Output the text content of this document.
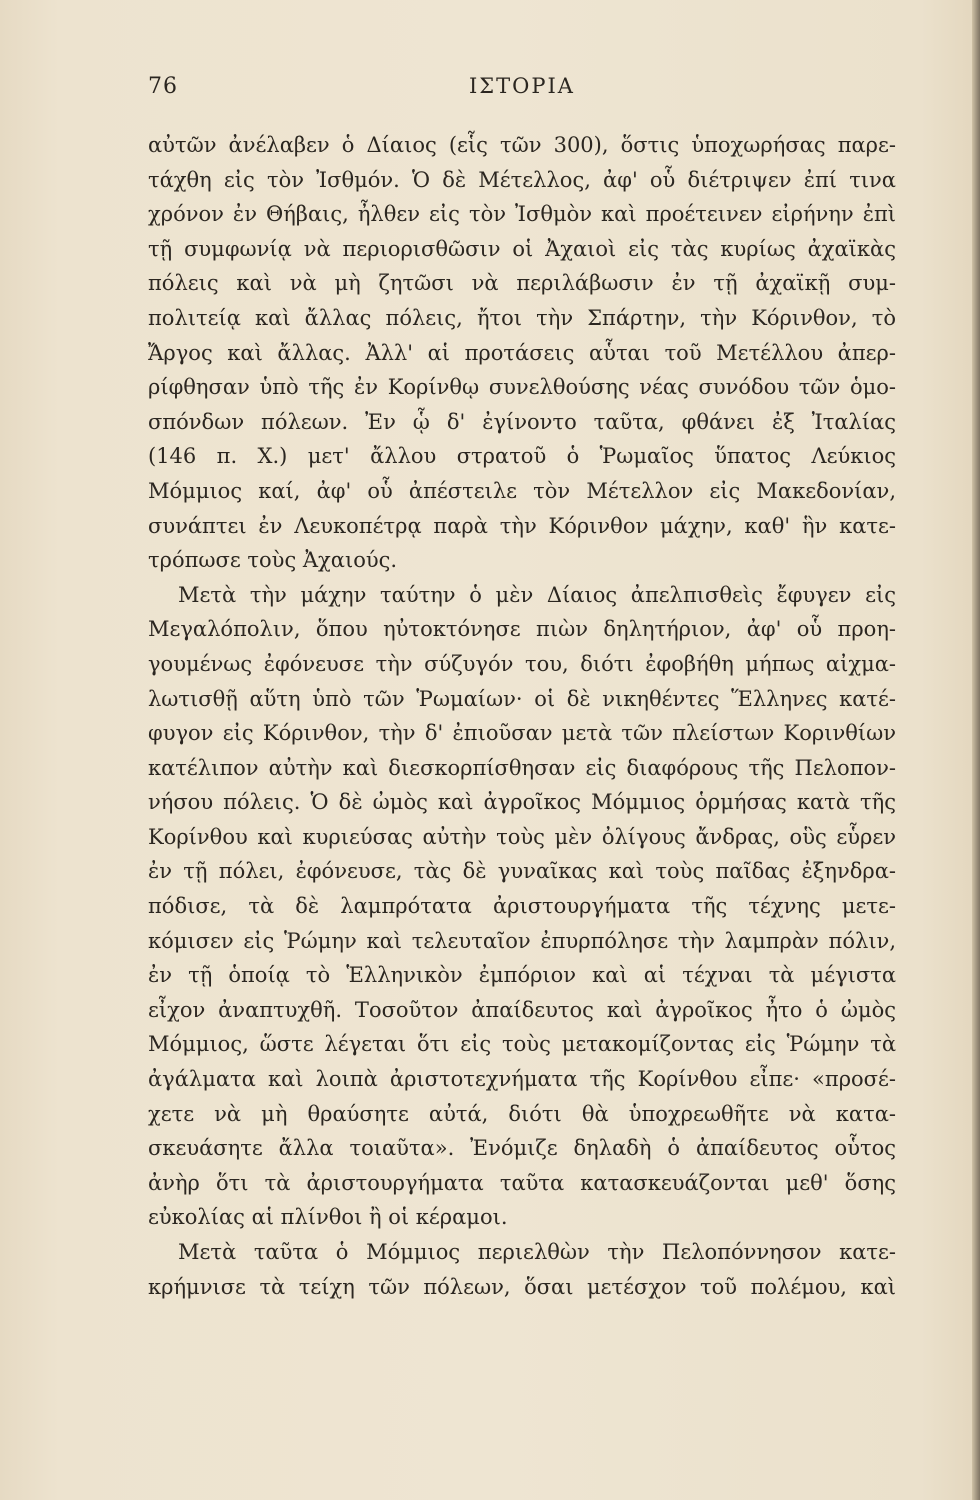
76	ΙΣΤΟΡΙΑ
αὐτῶν ἀνέλαβεν ὁ Δίαιος (εἷς τῶν 300), ὅστις ὑποχωρήσας παρε-
τάχθη εἰς τὸν Ἰσθμόν. Ὁ δὲ Μέτελλος, ἀφ' οὗ διέτριψεν ἐπί τινα
χρόνον ἐν Θήβαις, ἦλθεν εἰς τὸν Ἰσθμὸν καὶ προέτεινεν εἰρήνην ἐπὶ
τῇ συμφωνίᾳ νὰ περιορισθῶσιν οἱ Ἀχαιοὶ εἰς τὰς κυρίως ἀχαϊκὰς
πόλεις καὶ νὰ μὴ ζητῶσι νὰ περιλάβωσιν ἐν τῇ ἀχαϊκῇ συμ-
πολιτείᾳ καὶ ἄλλας πόλεις, ἤτοι τὴν Σπάρτην, τὴν Κόρινθον, τὸ
Ἄργος καὶ ἄλλας. Ἀλλ' αἱ προτάσεις αὗται τοῦ Μετέλλου ἀπερ-
ρίφθησαν ὑπὸ τῆς ἐν Κορίνθῳ συνελθούσης νέας συνόδου τῶν ὁμο-
σπόνδων πόλεων. Ἐν ᾧ δ' ἐγίνοντο ταῦτα, φθάνει ἐξ Ἰταλίας
(146 π. Χ.) μετ' ἄλλου στρατοῦ ὁ Ῥωμαῖος ὕπατος Λεύκιος
Μόμμιος καί, ἀφ' οὗ ἀπέστειλε τὸν Μέτελλον εἰς Μακεδονίαν,
συνάπτει ἐν Λευκοπέτρᾳ παρὰ τὴν Κόρινθον μάχην, καθ' ἣν κατε-
τρόπωσε τοὺς Ἀχαιούς.
Μετὰ τὴν μάχην ταύτην ὁ μὲν Δίαιος ἀπελπισθεὶς ἔφυγεν εἰς
Μεγαλόπολιν, ὅπου ηὐτοκτόνησε πιὼν δηλητήριον, ἀφ' οὗ προη-
γουμένως ἐφόνευσε τὴν σύζυγόν του, διότι ἐφοβήθη μήπως αἰχμα-
λωτισθῇ αὕτη ὑπὸ τῶν Ῥωμαίων· οἱ δὲ νικηθέντες Ἕλληνες κατέ-
φυγον εἰς Κόρινθον, τὴν δ' ἐπιοῦσαν μετὰ τῶν πλείστων Κορινθίων
κατέλιπον αὐτὴν καὶ διεσκορπίσθησαν εἰς διαφόρους τῆς Πελοπον-
νήσου πόλεις. Ὁ δὲ ὠμὸς καὶ ἀγροῖκος Μόμμιος ὁρμήσας κατὰ τῆς
Κορίνθου καὶ κυριεύσας αὐτὴν τοὺς μὲν ὀλίγους ἄνδρας, οὓς εὗρεν
ἐν τῇ πόλει, ἐφόνευσε, τὰς δὲ γυναῖκας καὶ τοὺς παῖδας ἐξηνδρα-
πόδισε, τὰ δὲ λαμπρότατα ἀριστουργήματα τῆς τέχνης μετε-
κόμισεν εἰς Ῥώμην καὶ τελευταῖον ἐπυρπόλησε τὴν λαμπρὰν πόλιν,
ἐν τῇ ὁποίᾳ τὸ Ἑλληνικὸν ἐμπόριον καὶ αἱ τέχναι τὰ μέγιστα
εἶχον ἀναπτυχθῆ. Τοσοῦτον ἀπαίδευτος καὶ ἀγροῖκος ἦτο ὁ ὠμὸς
Μόμμιος, ὥστε λέγεται ὅτι εἰς τοὺς μετακομίζοντας εἰς Ῥώμην τὰ
ἀγάλματα καὶ λοιπὰ ἀριστοτεχνήματα τῆς Κορίνθου εἶπε· «προσέ-
χετε νὰ μὴ θραύσητε αὐτά, διότι θὰ ὑποχρεωθῆτε νὰ κατα-
σκευάσητε ἄλλα τοιαῦτα». Ἐνόμιζε δηλαδὴ ὁ ἀπαίδευτος οὗτος
ἀνὴρ ὅτι τὰ ἀριστουργήματα ταῦτα κατασκευάζονται μεθ' ὅσης
εὐκολίας αἱ πλίνθοι ἢ οἱ κέραμοι.
Μετὰ ταῦτα ὁ Μόμμιος περιελθὼν τὴν Πελοπόννησον κατε-
κρήμνισε τὰ τείχη τῶν πόλεων, ὅσαι μετέσχον τοῦ πολέμου, καὶ
